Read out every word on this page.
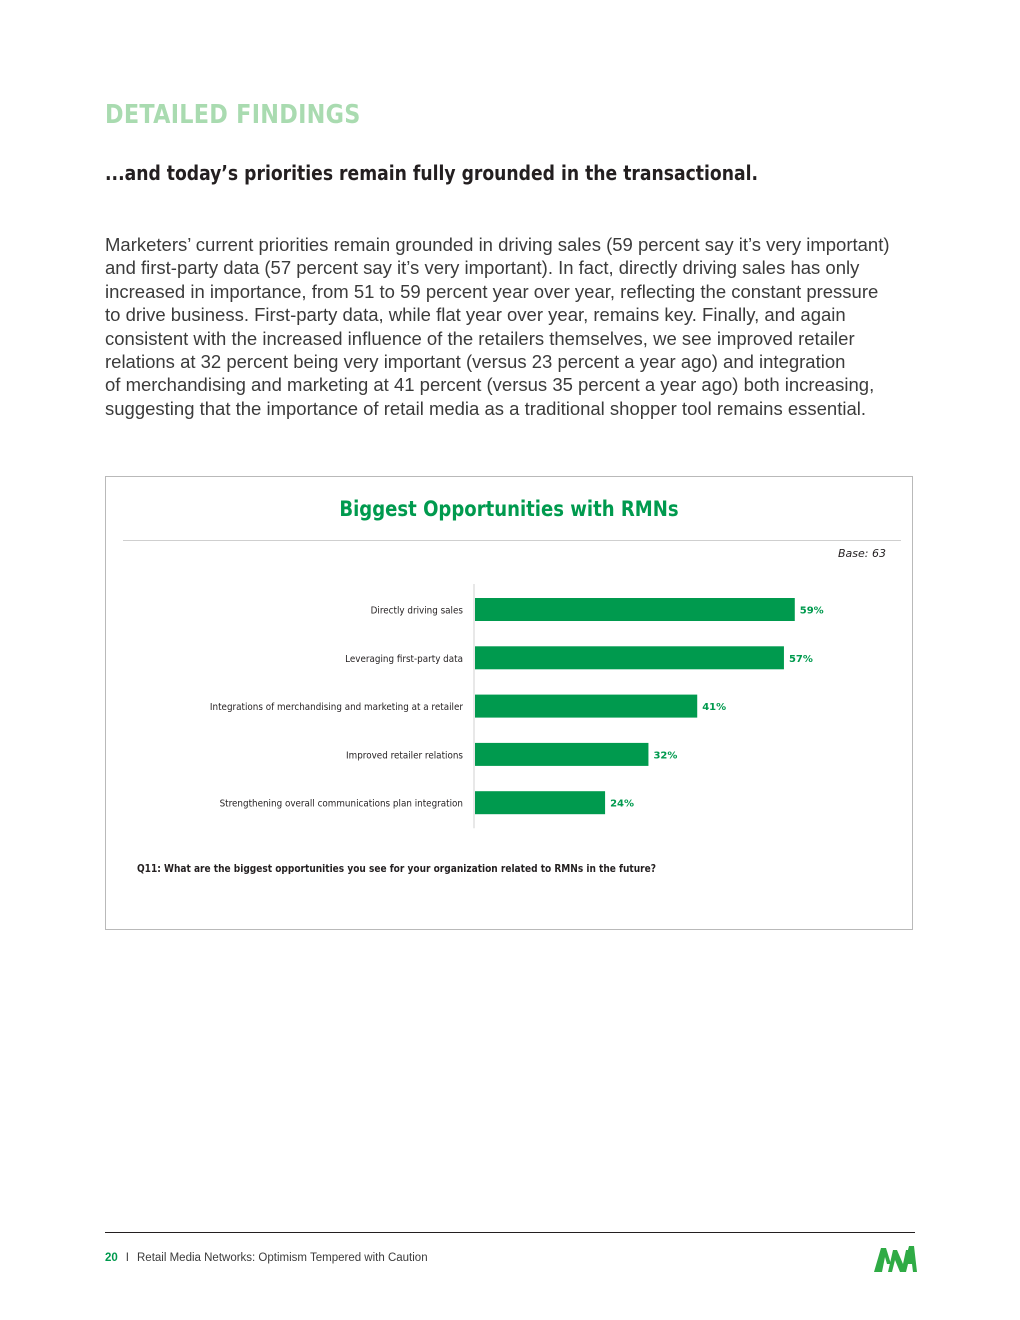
DETAILED FINDINGS
...and today’s priorities remain fully grounded in the transactional.
Marketers’ current priorities remain grounded in driving sales (59 percent say it’s very important)
and first-party data (57 percent say it’s very important). In fact, directly driving sales has only
increased in importance, from 51 to 59 percent year over year, reflecting the constant pressure
to drive business. First-party data, while flat year over year, remains key. Finally, and again
consistent with the increased influence of the retailers themselves, we see improved retailer
relations at 32 percent being very important (versus 23 percent a year ago) and integration
of merchandising and marketing at 41 percent (versus 35 percent a year ago) both increasing,
suggesting that the importance of retail media as a traditional shopper tool remains essential.
Biggest Opportunities with RMNs
Base: 63
Directly driving sales	59%
Leveraging first-party data	57%
Integrations of merchandising and marketing at a retailer	41%
Improved retailer relations	32%
Strengthening overall communications plan integration	24%
Q11: What are the biggest opportunities you see for your organization related to RMNs in the future?
20 I Retail Media Networks: Optimism Tempered with Caution
ANA
